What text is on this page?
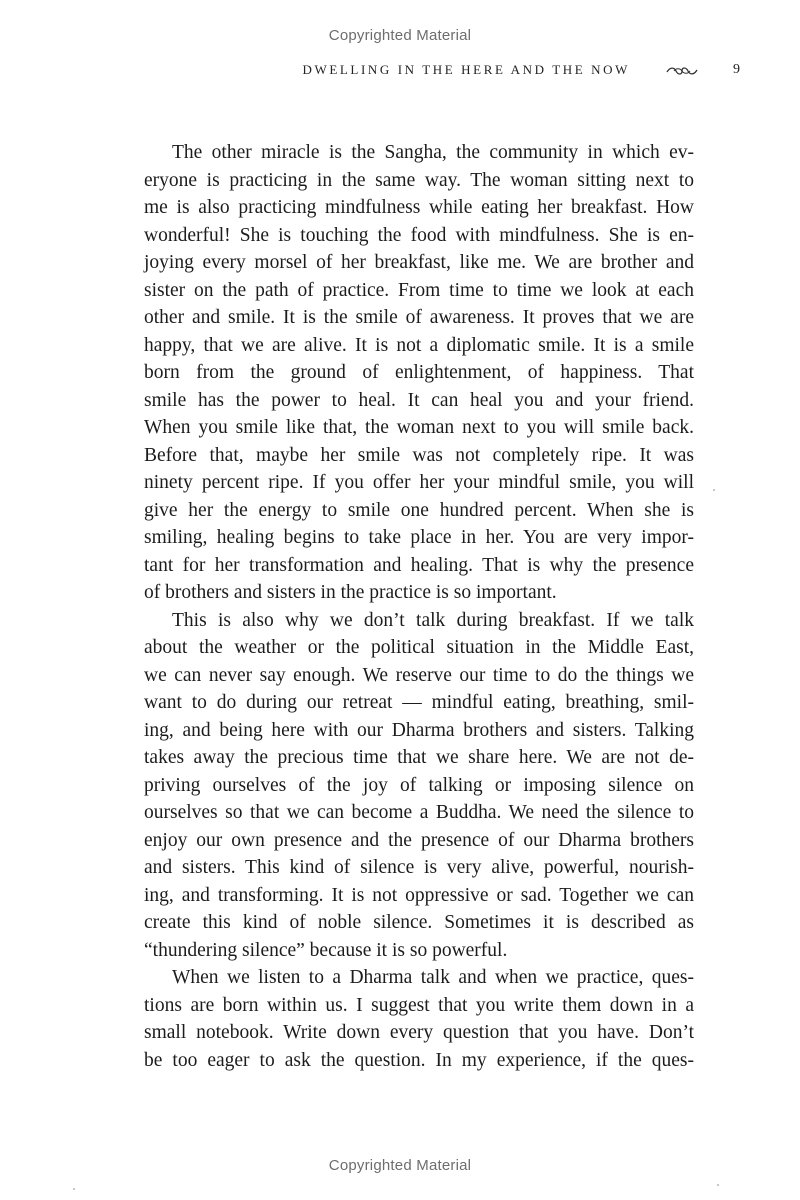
Copyrighted Material
DWELLING IN THE HERE AND THE NOW	9
The other miracle is the Sangha, the community in which ev-
eryone is practicing in the same way. The woman sitting next to
me is also practicing mindfulness while eating her breakfast. How
wonderful! She is touching the food with mindfulness. She is en-
joying every morsel of her breakfast, like me. We are brother and
sister on the path of practice. From time to time we look at each
other and smile. It is the smile of awareness. It proves that we are
happy, that we are alive. It is not a diplomatic smile. It is a smile
born from the ground of enlightenment, of happiness. That
smile has the power to heal. It can heal you and your friend.
When you smile like that, the woman next to you will smile back.
Before that, maybe her smile was not completely ripe. It was
ninety percent ripe. If you offer her your mindful smile, you will
give her the energy to smile one hundred percent. When she is
smiling, healing begins to take place in her. You are very impor-
tant for her transformation and healing. That is why the presence
of brothers and sisters in the practice is so important.
This is also why we don’t talk during breakfast. If we talk
about the weather or the political situation in the Middle East,
we can never say enough. We reserve our time to do the things we
want to do during our retreat — mindful eating, breathing, smil-
ing, and being here with our Dharma brothers and sisters. Talking
takes away the precious time that we share here. We are not de-
priving ourselves of the joy of talking or imposing silence on
ourselves so that we can become a Buddha. We need the silence to
enjoy our own presence and the presence of our Dharma brothers
and sisters. This kind of silence is very alive, powerful, nourish-
ing, and transforming. It is not oppressive or sad. Together we can
create this kind of noble silence. Sometimes it is described as
“thundering silence” because it is so powerful.
When we listen to a Dharma talk and when we practice, ques-
tions are born within us. I suggest that you write them down in a
small notebook. Write down every question that you have. Don’t
be too eager to ask the question. In my experience, if the ques-
Copyrighted Material
